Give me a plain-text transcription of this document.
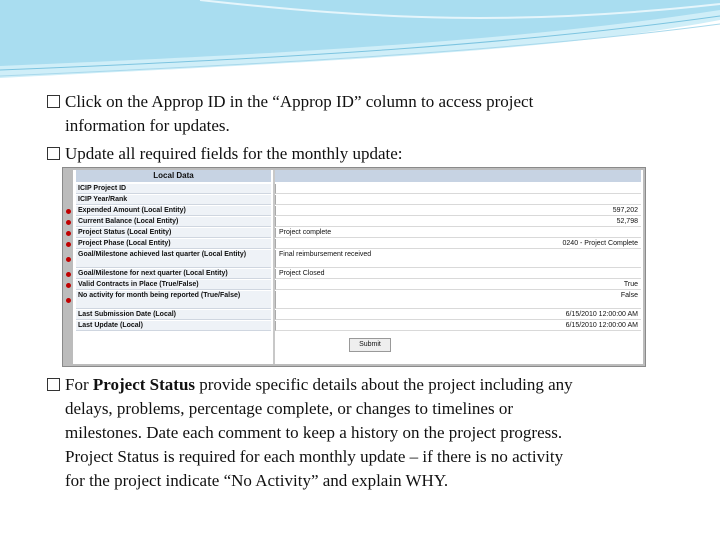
Click on the Approp ID in the “Approp ID” column to access project
information for updates.
Update all required fields for the monthly update:
Local Data
ICIP Project ID
ICIP Year/Rank
Expended Amount (Local Entity)	597,202
Current Balance (Local Entity)	52,798
Project Status (Local Entity)	Project complete
Project Phase (Local Entity)	0240 - Project Complete
Goal/Milestone achieved last quarter (Local Entity)	Final reimbursement received
Goal/Milestone for next quarter (Local Entity)	Project Closed
Valid Contracts in Place (True/False)	True
No activity for month being reported (True/False)	False
Last Submission Date (Local)	6/15/2010 12:00:00 AM
Last Update (Local)	6/15/2010 12:00:00 AM
Submit
For Project Status provide specific details about the project including any
delays, problems, percentage complete, or changes to timelines or
milestones. Date each comment to keep a history on the project progress.
Project Status is required for each monthly update – if there is no activity
for the project indicate “No Activity” and explain WHY.
